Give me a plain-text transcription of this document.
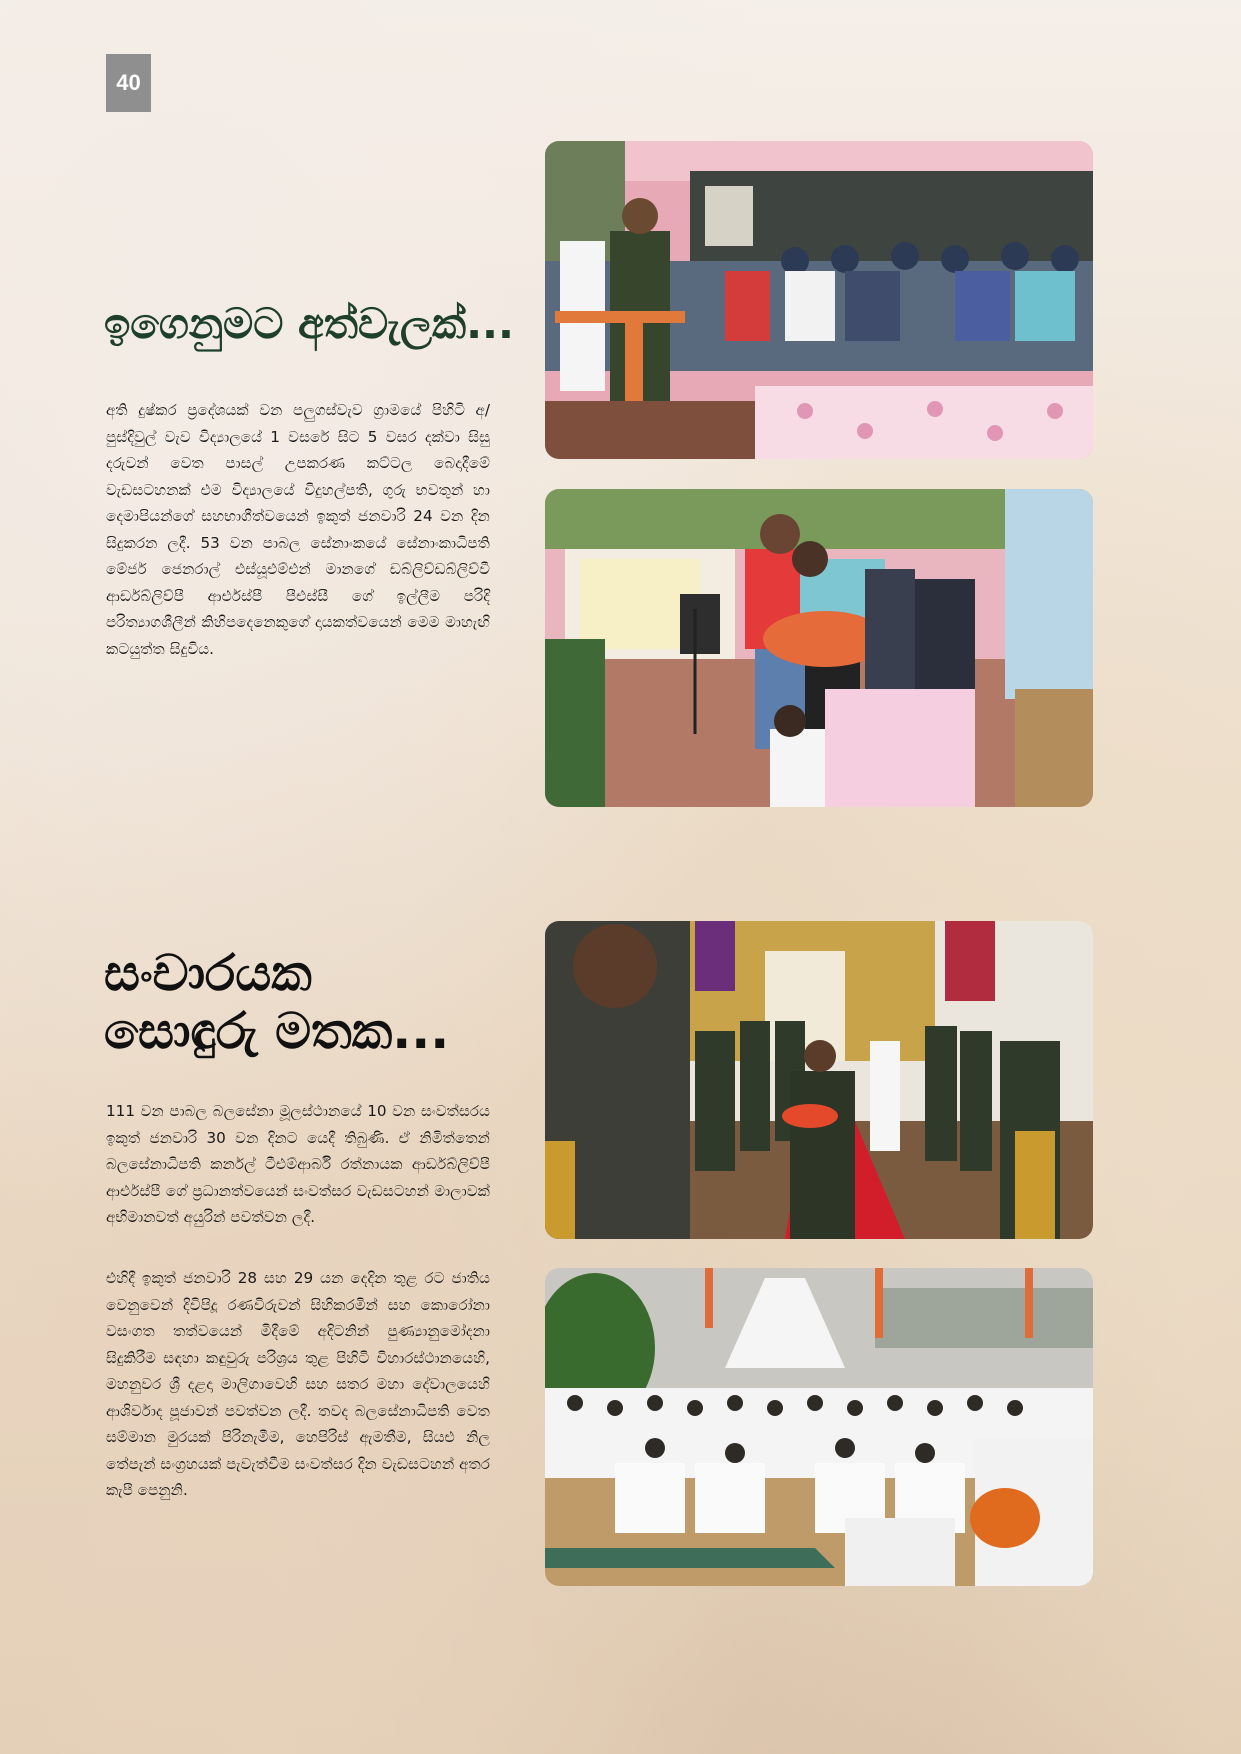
40
ඉගෙනුමට අත්වැලක්...

අති දුෂ්කර ප්‍රදේශයක් වන පලුගස්වැව ග්‍රාමයේ පිහිටි අ/පුස්දිවුල් වැව විද්‍යාලයේ 1 වසරේ සිට 5 වසර දක්වා සිසු දරුවන් වෙත පාසල් උපකරණ කට්ටල බෙදාදීමේ වැඩසටහනක් එම විද්‍යාලයේ විදුහල්පති, ගුරු භවතුන් හා දෙමාපියන්ගේ සහභාගීත්වයෙන් ඉකුත් ජනවාරි 24 වන දින සිදුකරන ලදී. 53 වන පාබල සේනාංකයේ සේනාංකාධිපති මේජර් ජෙනරාල් එස්යූඑම්එන් මානගේ ඩබ්ලිව්ඩබ්ලිව්වී ආර්ඩබ්ලිව්පී ආර්එස්පී පීඑස්සී ගේ ඉල්ලීම පරිදි පරිත්‍යාගශීලීන් කිහිපදෙනෙකුගේ දායකත්වයෙන් මෙම මාහැඟි කටයුත්ත සිදුවිය.

සංචාරයක
සොඳුරු මතක...

111 වන පාබල බලසේනා මූලස්ථානයේ 10 වන සංවත්සරය ඉකුත් ජනවාරි 30 වන දිනට යෙදී තිබුණි. ඒ නිමිත්තෙන් බලසේනාධිපති කර්නල් ටීඑම්ආර්බී රත්නායක ආර්ඩබ්ලිව්පී ආර්එස්පී ගේ ප්‍රධානත්වයෙන් සංවත්සර වැඩසටහන් මාලාවක් අභිමානවත් අයුරින් පවත්වන ලදී.

එහිදී ඉකුත් ජනවාරි 28 සහ 29 යන දෙදින තුළ රට ජාතිය වෙනුවෙන් දිවිපිදූ රණවිරුවන් සිහිකරමින් සහ කොරෝනා වසංගත තත්වයෙන් මිදීමේ අදිටනින් පුණ්‍යානුමෝදනා සිදුකිරීම සඳහා කඳුවුරු පරිශ්‍රය තුළ පිහිටි විහාරස්ථානයෙහි, මහනුවර ශ්‍රී දළදා මාලිගාවෙහි සහ සතර මහා දේවාලයෙහි ආශිර්වාද පූජාවන් පවත්වන ලදී. තවද බලසේනාධිපති වෙත සම්මාන මුරයක් පිරිනැමීම, හෙපිරිස් ඇමතීම, සියළු නිල තේපැන් සංග්‍රහයක් පැවැත්වීම සංවත්සර දින වැඩසටහන් අතර කැපී පෙනුනි.
